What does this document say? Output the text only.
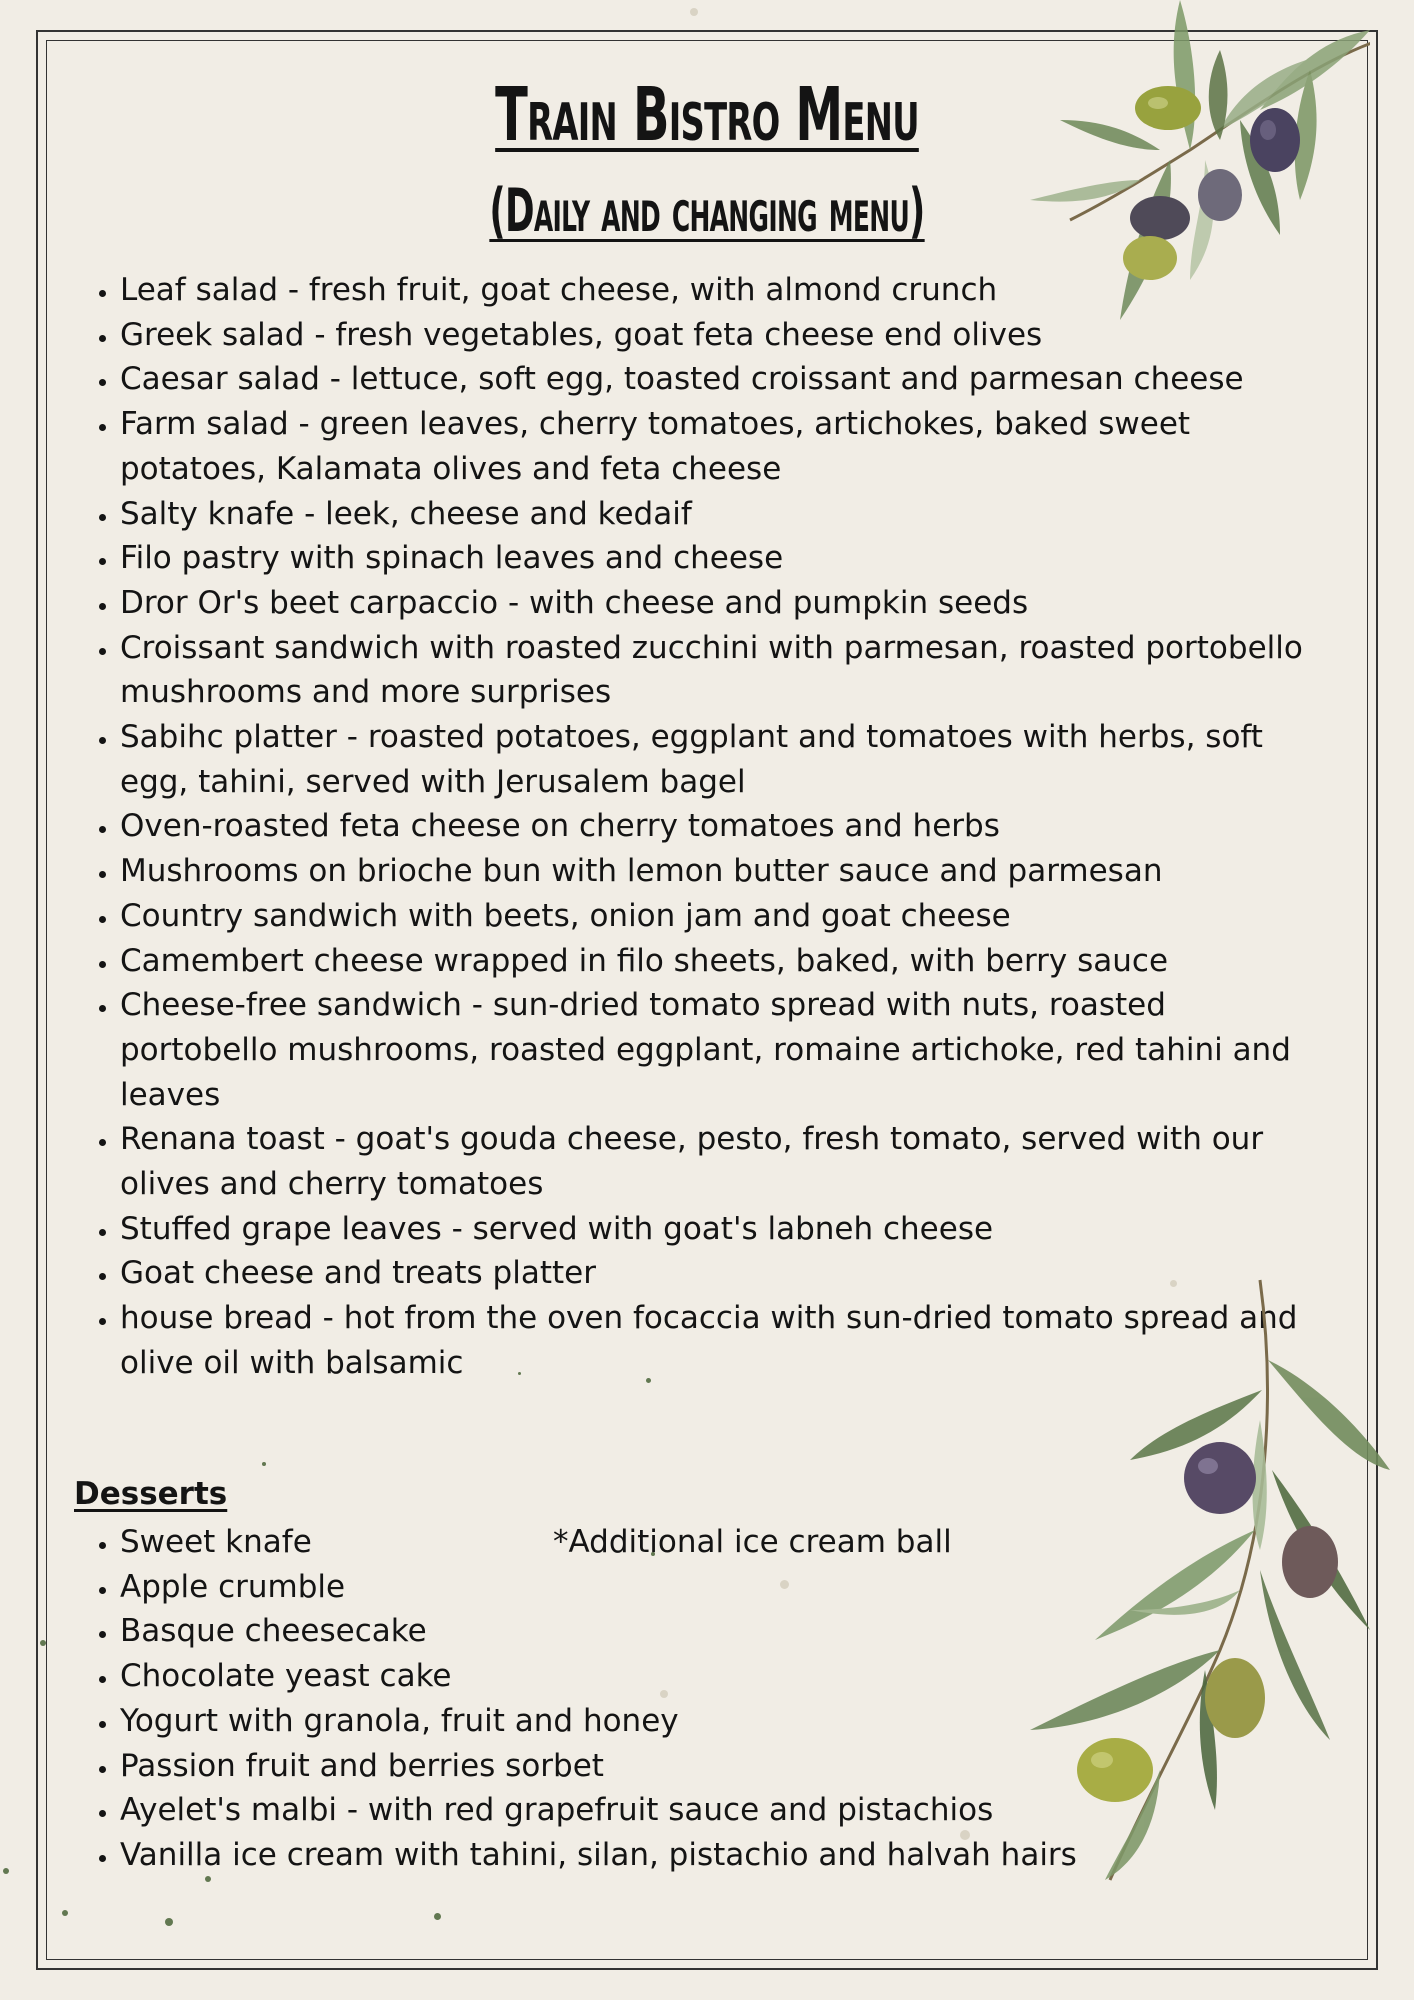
Train Bistro Menu
(Daily and changing menu)
• Leaf salad - fresh fruit, goat cheese, with almond crunch
• Greek salad - fresh vegetables, goat feta cheese end olives
• Caesar salad - lettuce, soft egg, toasted croissant and parmesan cheese
• Farm salad - green leaves, cherry tomatoes, artichokes, baked sweet potatoes, Kalamata olives and feta cheese
• Salty knafe - leek, cheese and kedaif
• Filo pastry with spinach leaves and cheese
• Dror Or's beet carpaccio - with cheese and pumpkin seeds
• Croissant sandwich with roasted zucchini with parmesan, roasted portobello mushrooms and more surprises
• Sabihc platter - roasted potatoes, eggplant and tomatoes with herbs, soft egg, tahini, served with Jerusalem bagel
• Oven-roasted feta cheese on cherry tomatoes and herbs
• Mushrooms on brioche bun with lemon butter sauce and parmesan
• Country sandwich with beets, onion jam and goat cheese
• Camembert cheese wrapped in filo sheets, baked, with berry sauce
• Cheese-free sandwich - sun-dried tomato spread with nuts, roasted portobello mushrooms, roasted eggplant, romaine artichoke, red tahini and leaves
• Renana toast - goat's gouda cheese, pesto, fresh tomato, served with our olives and cherry tomatoes
• Stuffed grape leaves - served with goat's labneh cheese
• Goat cheese and treats platter
• house bread - hot from the oven focaccia with sun-dried tomato spread and olive oil with balsamic
Desserts
• Sweet knafe
• Apple crumble
• Basque cheesecake
• Chocolate yeast cake
• Yogurt with granola, fruit and honey
• Passion fruit and berries sorbet
• Ayelet's malbi - with red grapefruit sauce and pistachios
• Vanilla ice cream with tahini, silan, pistachio and halvah hairs
*Additional ice cream ball
